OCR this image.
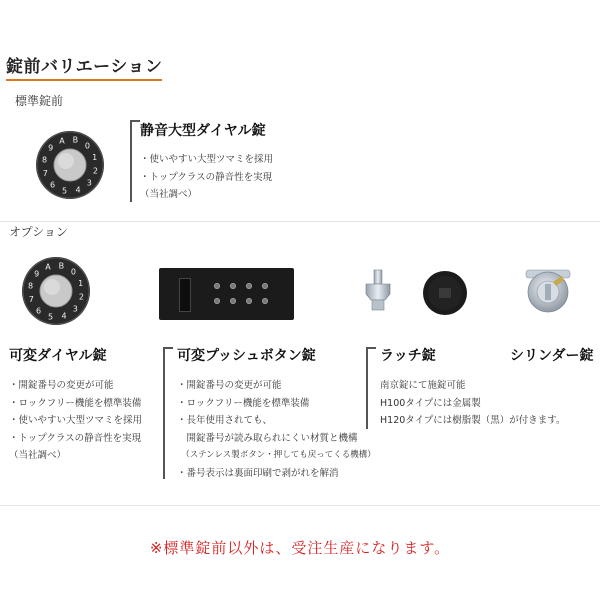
錠前バリエーション
標準錠前
A B
0
1
2
3
4
5
6
7
8
9
静音大型ダイヤル錠
・使いやすい大型ツマミを採用
・トップクラスの静音性を実現
（当社調べ）
オプション
A B
0
1
2
3
4
5
6
7
8
9
可変ダイヤル錠
・開錠番号の変更が可能
・ロックフリー機能を標準装備
・使いやすい大型ツマミを採用
・トップクラスの静音性を実現
（当社調べ）
可変プッシュボタン錠
・開錠番号の変更が可能
・ロックフリー機能を標準装備
・長年使用されても、
　開錠番号が読み取られにくい材質と機構
　（ステンレス製ボタン・押しても戻ってくる機構）
・番号表示は裏面印刷で剥がれを解消
ラッチ錠	シリンダー錠
南京錠にて施錠可能
H100タイプには金属製
H120タイプには樹脂製（黒）が付きます。
※標準錠前以外は、受注生産になります。
